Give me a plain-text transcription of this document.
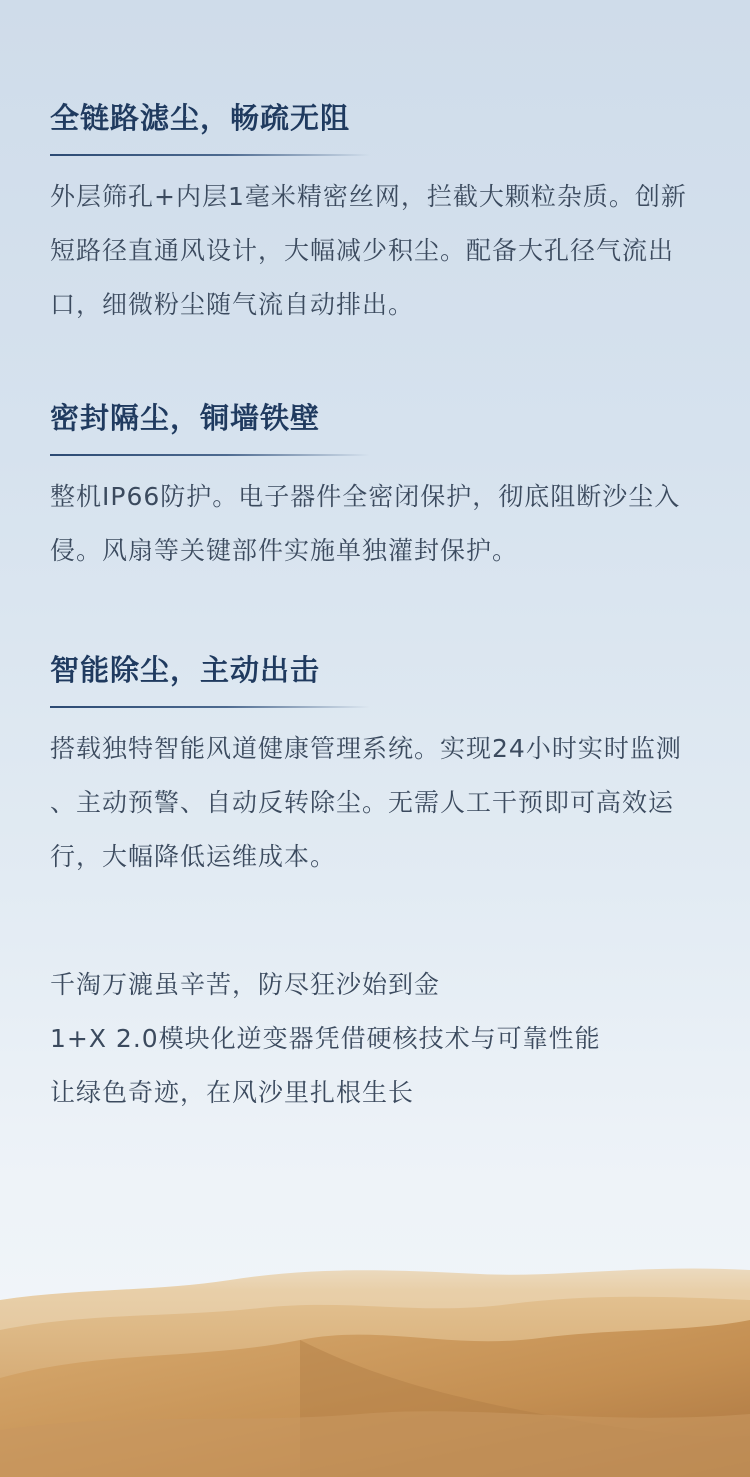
全链路滤尘，畅疏无阻

外层筛孔+内层1毫米精密丝网，拦截大颗粒杂质。创新短路径直通风设计，大幅减少积尘。配备大孔径气流出口，细微粉尘随气流自动排出。

密封隔尘，铜墙铁壁

整机IP66防护。电子器件全密闭保护，彻底阻断沙尘入侵。风扇等关键部件实施单独灌封保护。

智能除尘，主动出击

搭载独特智能风道健康管理系统。实现24小时实时监测 、主动预警、自动反转除尘。无需人工干预即可高效运行，大幅降低运维成本。

千淘万漉虽辛苦，防尽狂沙始到金

1+X 2.0模块化逆变器凭借硬核技术与可靠性能

让绿色奇迹，在风沙里扎根生长
